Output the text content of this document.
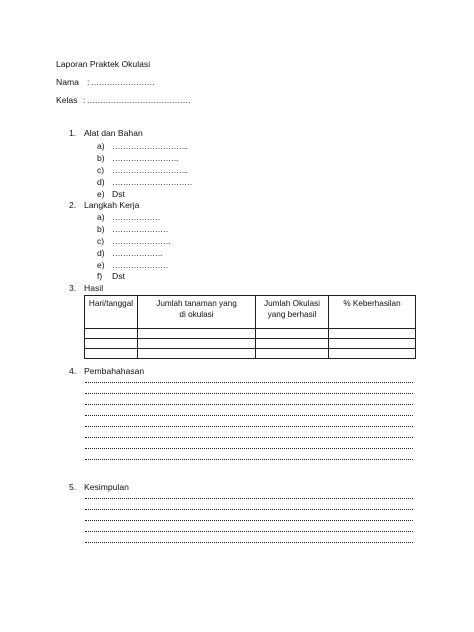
Laporan Praktek Okulasi
Nama : ……………………
Kelas : …………………………………
1. Alat dan Bahan
a) ………………………..
b) …………………….
c) ………………………..
d) …………………………
e) Dst
2. Langkah Kerja
a) ………………
b) …………………
c) ………………….
d) ……………….
e) …………………
f) Dst
3. Hasil
Hari/tanggal	Jumlah tanaman yang di okulasi	Jumlah Okulasi yang berhasil	% Keberhasilan

4. Pembahahasan
5. Kesimpulan
